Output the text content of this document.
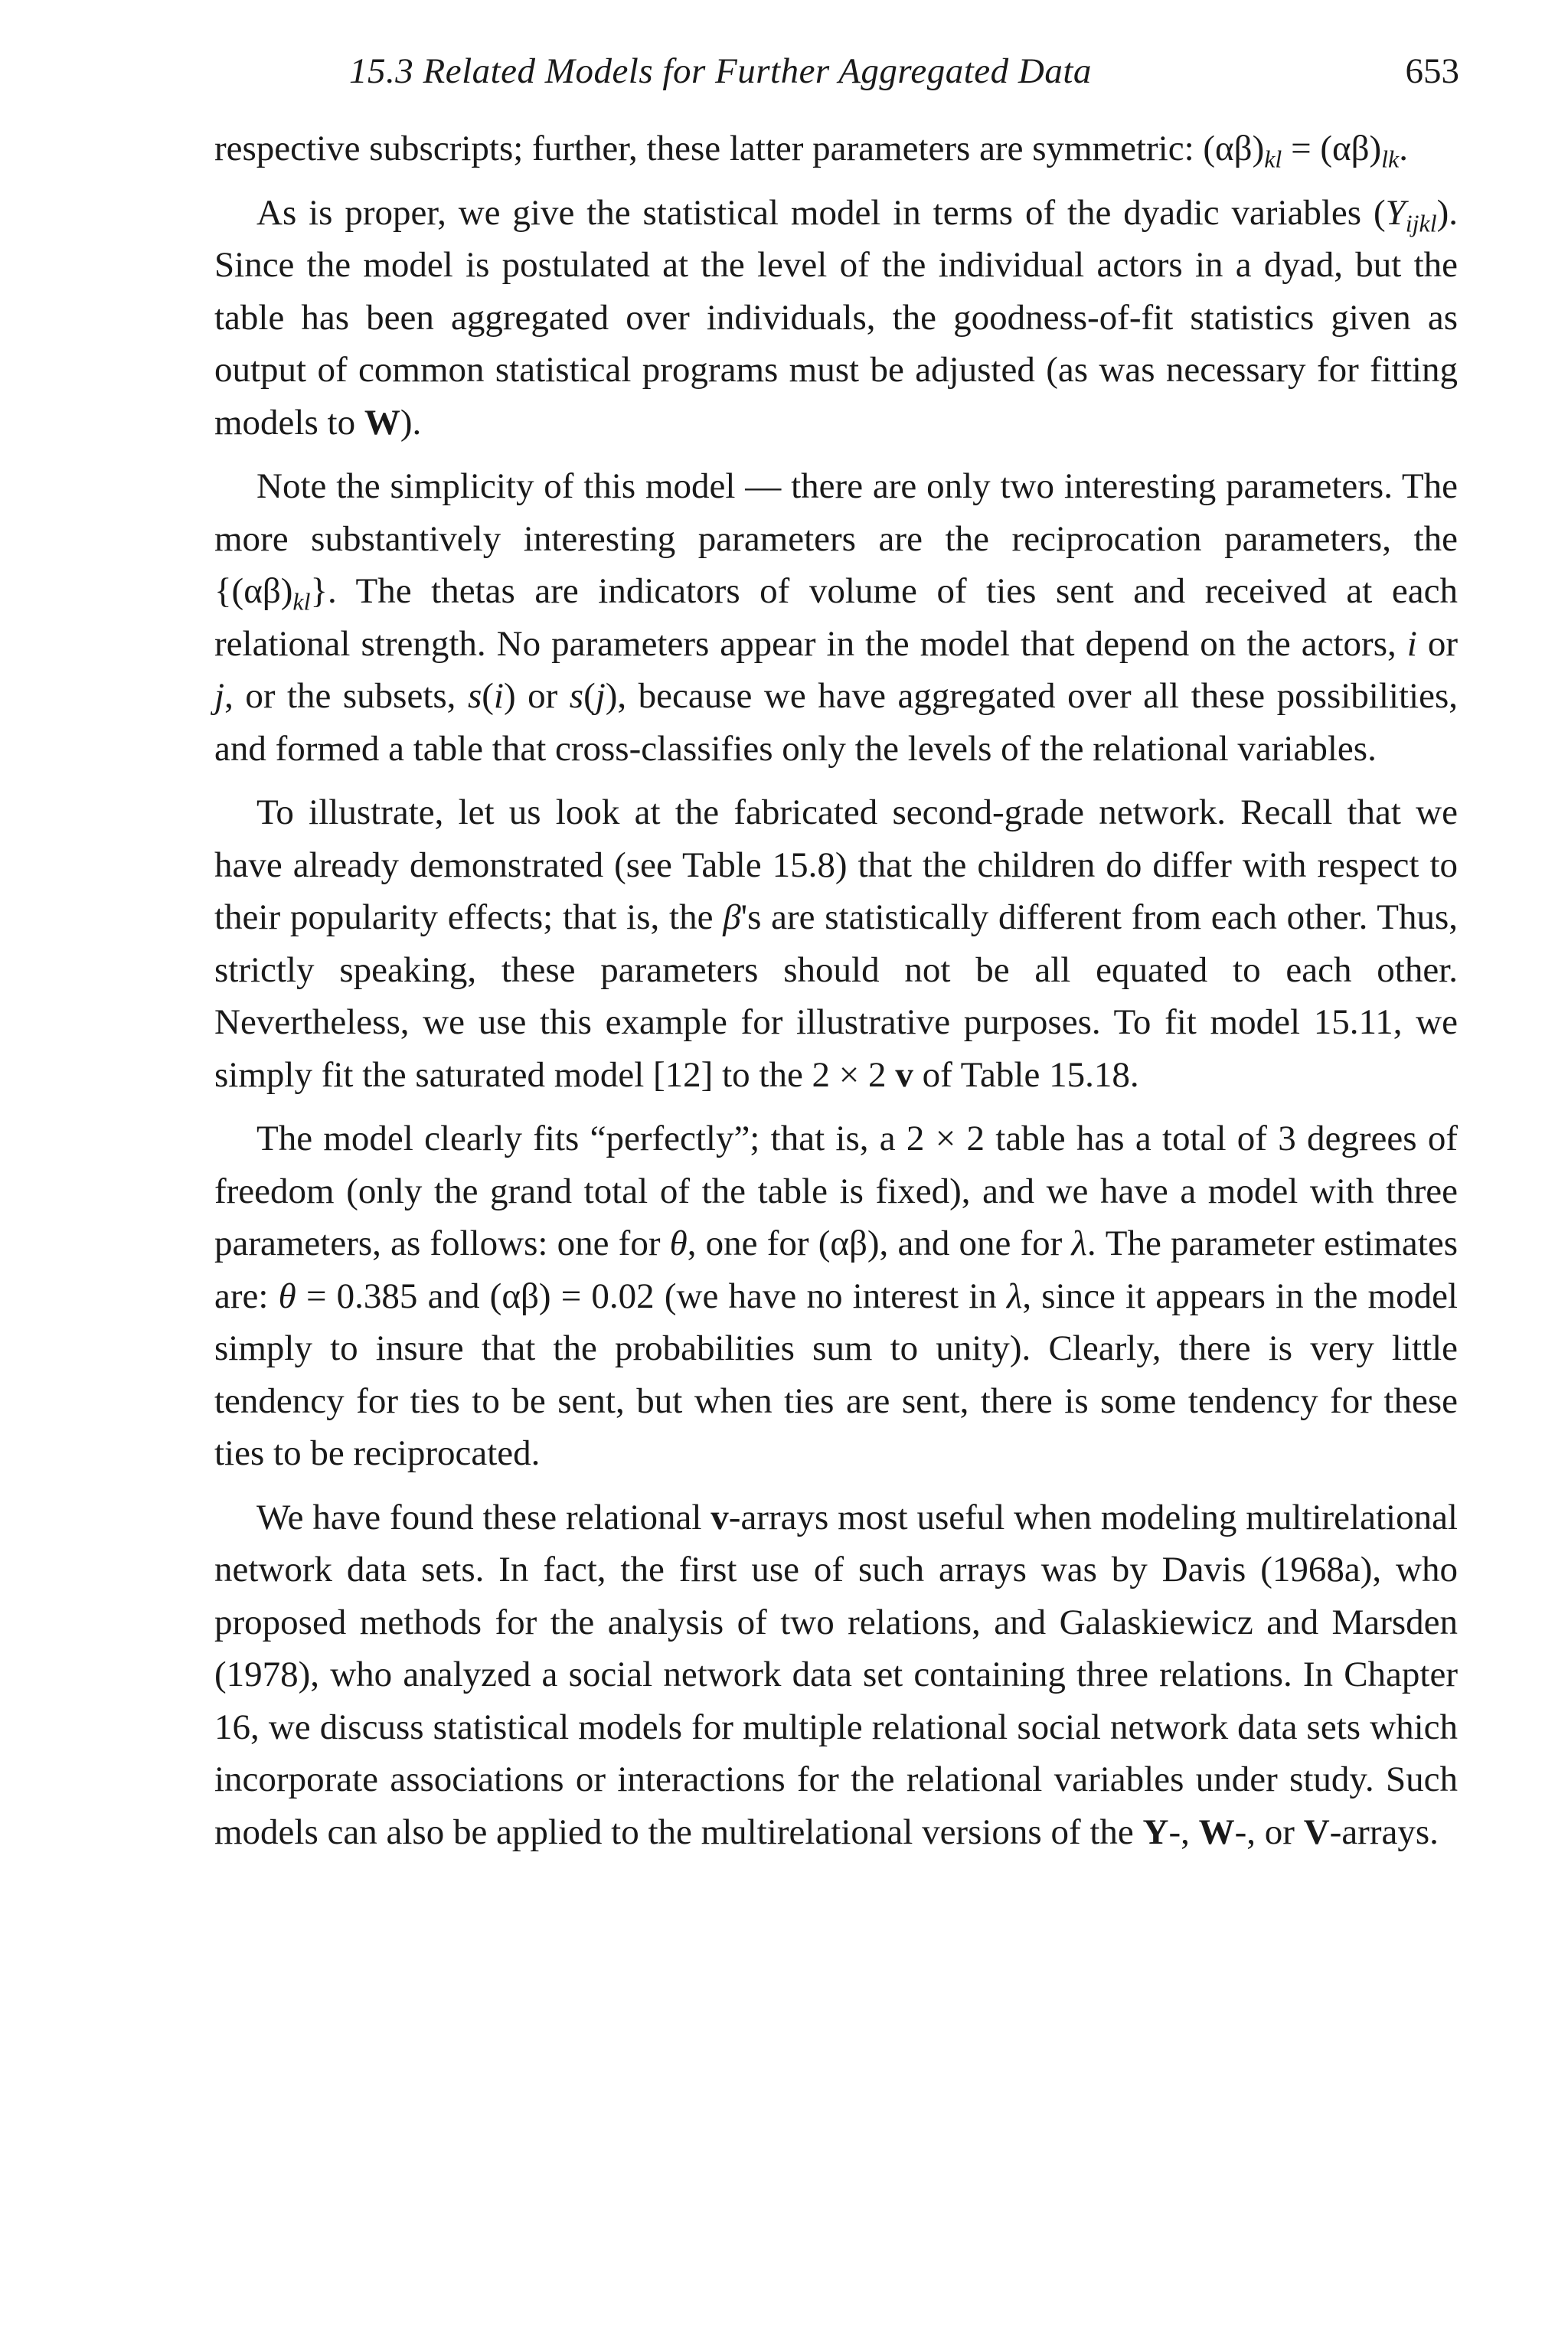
15.3 Related Models for Further Aggregated Data	653

respective subscripts; further, these latter parameters are symmetric: $(\alpha\beta)_{kl} = (\alpha\beta)_{lk}$.

As is proper, we give the statistical model in terms of the dyadic variables $(Y_{ijkl})$. Since the model is postulated at the level of the individual actors in a dyad, but the table has been aggregated over individuals, the goodness-of-fit statistics given as output of common statistical programs must be adjusted (as was necessary for fitting models to W).

Note the simplicity of this model — there are only two interesting parameters. The more substantively interesting parameters are the reciprocation parameters, the $\{(\alpha\beta)_{kl}\}$. The thetas are indicators of volume of ties sent and received at each relational strength. No parameters appear in the model that depend on the actors, i or j, or the subsets, s(i) or s(j), because we have aggregated over all these possibilities, and formed a table that cross-classifies only the levels of the relational variables.

To illustrate, let us look at the fabricated second-grade network. Recall that we have already demonstrated (see Table 15.8) that the children do differ with respect to their popularity effects; that is, the β's are statistically different from each other. Thus, strictly speaking, these parameters should not be all equated to each other. Nevertheless, we use this example for illustrative purposes. To fit model 15.11, we simply fit the saturated model [12] to the 2 × 2 v of Table 15.18.

The model clearly fits “perfectly”; that is, a 2 × 2 table has a total of 3 degrees of freedom (only the grand total of the table is fixed), and we have a model with three parameters, as follows: one for θ, one for (αβ), and one for λ. The parameter estimates are: θ = 0.385 and (αβ) = 0.02 (we have no interest in λ, since it appears in the model simply to insure that the probabilities sum to unity). Clearly, there is very little tendency for ties to be sent, but when ties are sent, there is some tendency for these ties to be reciprocated.

We have found these relational v-arrays most useful when modeling multirelational network data sets. In fact, the first use of such arrays was by Davis (1968a), who proposed methods for the analysis of two relations, and Galaskiewicz and Marsden (1978), who analyzed a social network data set containing three relations. In Chapter 16, we discuss statistical models for multiple relational social network data sets which incorporate associations or interactions for the relational variables under study. Such models can also be applied to the multirelational versions of the Y-, W-, or V-arrays.
